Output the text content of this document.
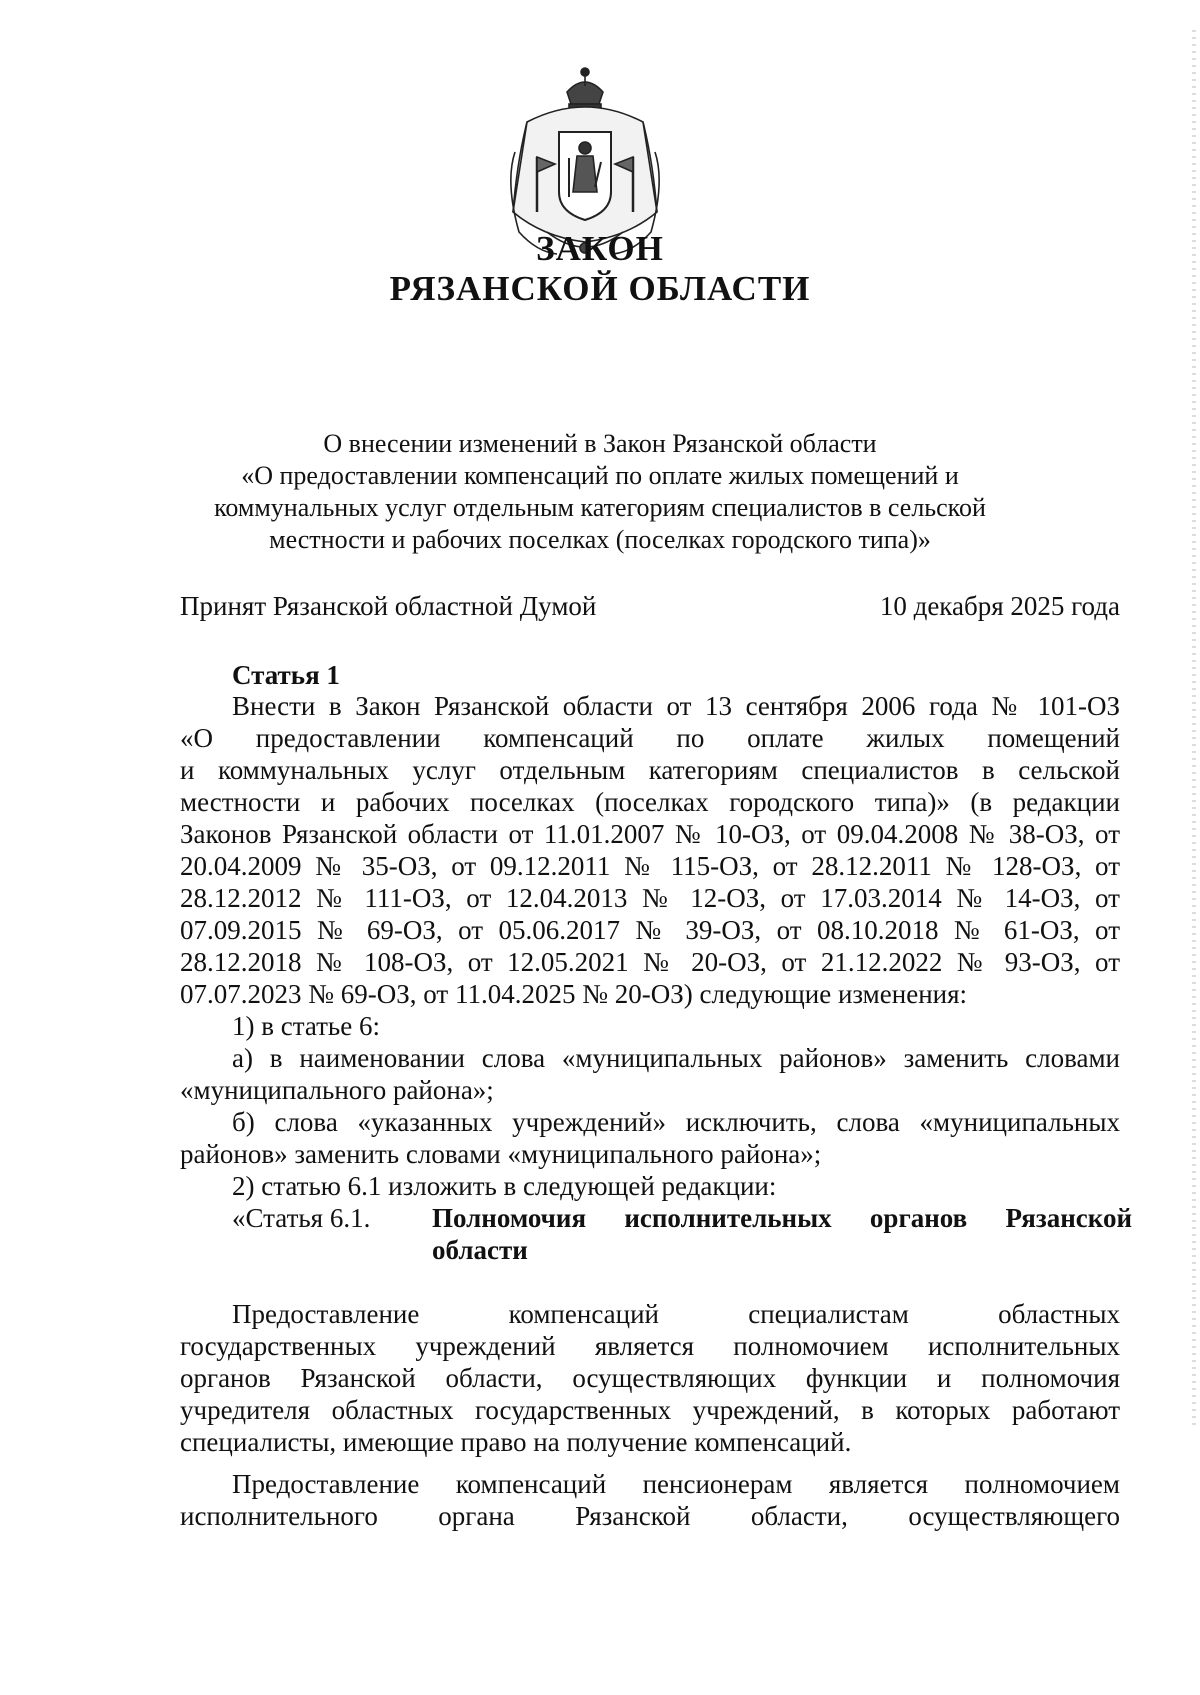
ЗАКОН
РЯЗАНСКОЙ ОБЛАСТИ
О внесении изменений в Закон Рязанской области
«О предоставлении компенсаций по оплате жилых помещений и
коммунальных услуг отдельным категориям специалистов в сельской
местности и рабочих поселках (поселках городского типа)»
Принят Рязанской областной Думой	10 декабря 2025 года
Статья 1
Внести в Закон Рязанской области от 13 сентября 2006 года № 101-ОЗ
«О предоставлении компенсаций по оплате жилых помещений
и коммунальных услуг отдельным категориям специалистов в сельской
местности и рабочих поселках (поселках городского типа)» (в редакции
Законов Рязанской области от 11.01.2007 № 10-ОЗ, от 09.04.2008 № 38-ОЗ, от
20.04.2009 № 35-ОЗ, от 09.12.2011 № 115-ОЗ, от 28.12.2011 № 128-ОЗ, от
28.12.2012 № 111-ОЗ, от 12.04.2013 № 12-ОЗ, от 17.03.2014 № 14-ОЗ, от
07.09.2015 № 69-ОЗ, от 05.06.2017 № 39-ОЗ, от 08.10.2018 № 61-ОЗ, от
28.12.2018 № 108-ОЗ, от 12.05.2021 № 20-ОЗ, от 21.12.2022 № 93-ОЗ, от
07.07.2023 № 69-ОЗ, от 11.04.2025 № 20-ОЗ) следующие изменения:
1) в статье 6:
а) в наименовании слова «муниципальных районов» заменить словами
«муниципального района»;
б) слова «указанных учреждений» исключить, слова «муниципальных
районов» заменить словами «муниципального района»;
2) статью 6.1 изложить в следующей редакции:
«Статья 6.1. Полномочия исполнительных органов Рязанской
области
Предоставление компенсаций специалистам областных
государственных учреждений является полномочием исполнительных
органов Рязанской области, осуществляющих функции и полномочия
учредителя областных государственных учреждений, в которых работают
специалисты, имеющие право на получение компенсаций.
Предоставление компенсаций пенсионерам является полномочием
исполнительного органа Рязанской области, осуществляющего
